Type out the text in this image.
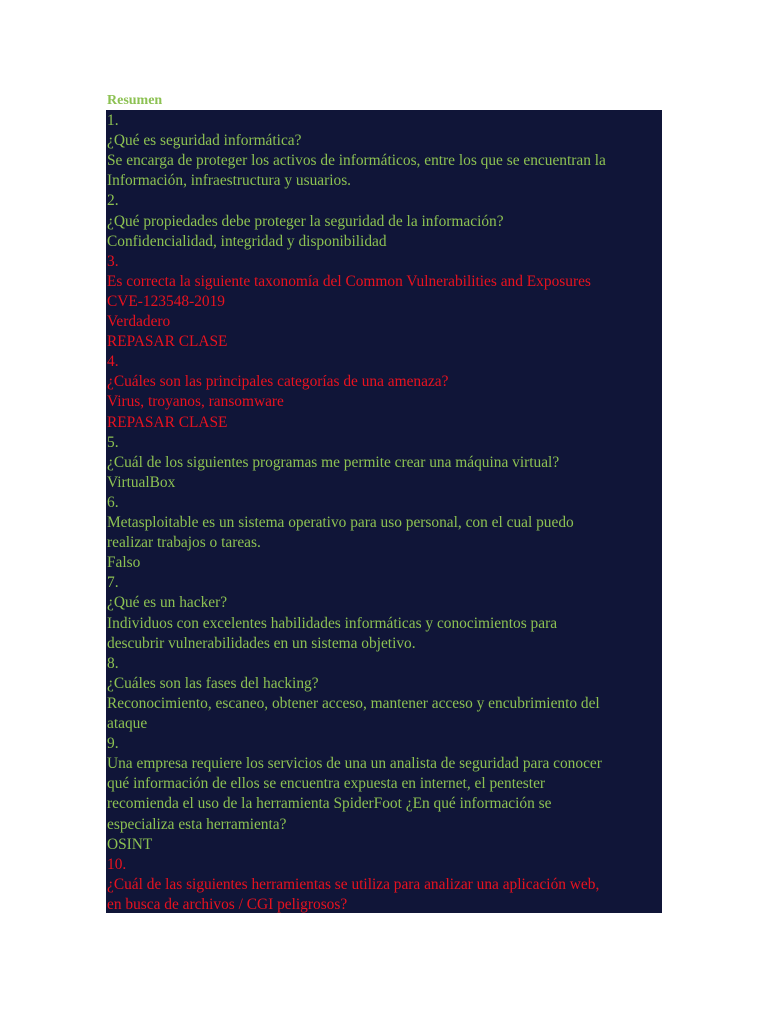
Resumen
1.
¿Qué es seguridad informática?
Se encarga de proteger los activos de informáticos, entre los que se encuentran la
Información, infraestructura y usuarios.
2.
¿Qué propiedades debe proteger la seguridad de la información?
Confidencialidad, integridad y disponibilidad
3.
Es correcta la siguiente taxonomía del Common Vulnerabilities and Exposures
CVE-123548-2019
Verdadero
REPASAR CLASE
4.
¿Cuáles son las principales categorías de una amenaza?
Virus, troyanos, ransomware
REPASAR CLASE
5.
¿Cuál de los siguientes programas me permite crear una máquina virtual?
VirtualBox
6.
Metasploitable es un sistema operativo para uso personal, con el cual puedo
realizar trabajos o tareas.
Falso
7.
¿Qué es un hacker?
Individuos con excelentes habilidades informáticas y conocimientos para
descubrir vulnerabilidades en un sistema objetivo.
8.
¿Cuáles son las fases del hacking?
Reconocimiento, escaneo, obtener acceso, mantener acceso y encubrimiento del
ataque
9.
Una empresa requiere los servicios de una un analista de seguridad para conocer
qué información de ellos se encuentra expuesta en internet, el pentester
recomienda el uso de la herramienta SpiderFoot ¿En qué información se
especializa esta herramienta?
OSINT
10.
¿Cuál de las siguientes herramientas se utiliza para analizar una aplicación web,
en busca de archivos / CGI peligrosos?
